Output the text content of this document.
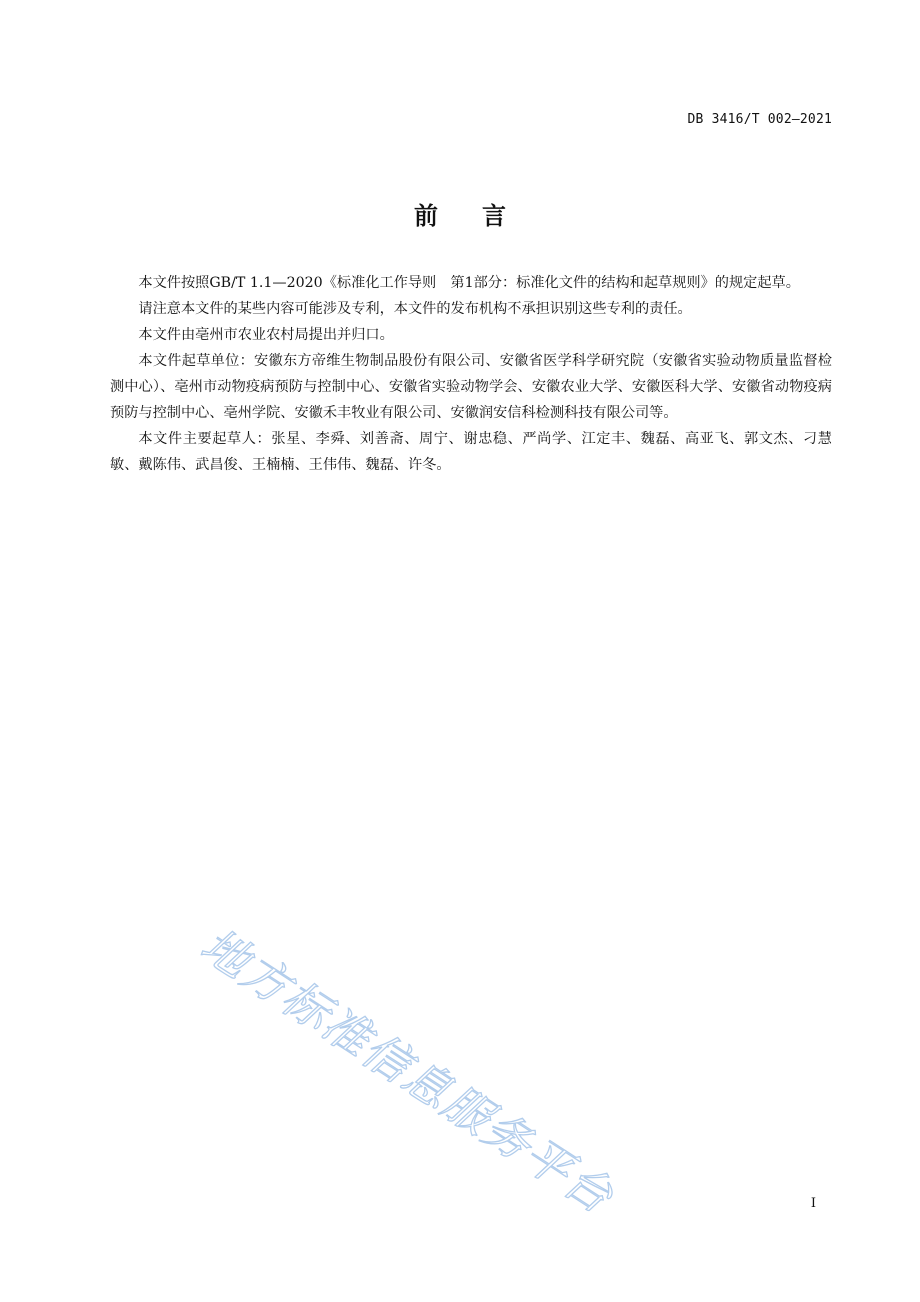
DB 3416/T 002—2021
前言

本文件按照GB/T 1.1—2020《标准化工作导则　第1部分：标准化文件的结构和起草规则》的规定起草。

请注意本文件的某些内容可能涉及专利，本文件的发布机构不承担识别这些专利的责任。

本文件由亳州市农业农村局提出并归口。

本文件起草单位：安徽东方帝维生物制品股份有限公司、安徽省医学科学研究院（安徽省实验动物质量监督检测中心）、亳州市动物疫病预防与控制中心、安徽省实验动物学会、安徽农业大学、安徽医科大学、安徽省动物疫病预防与控制中心、亳州学院、安徽禾丰牧业有限公司、安徽润安信科检测科技有限公司等。

本文件主要起草人：张星、李舜、刘善斋、周宁、谢忠稳、严尚学、江定丰、魏磊、高亚飞、郭文杰、刁慧敏、戴陈伟、武昌俊、王楠楠、王伟伟、魏磊、许冬。

地方标准信息服务平台	I
